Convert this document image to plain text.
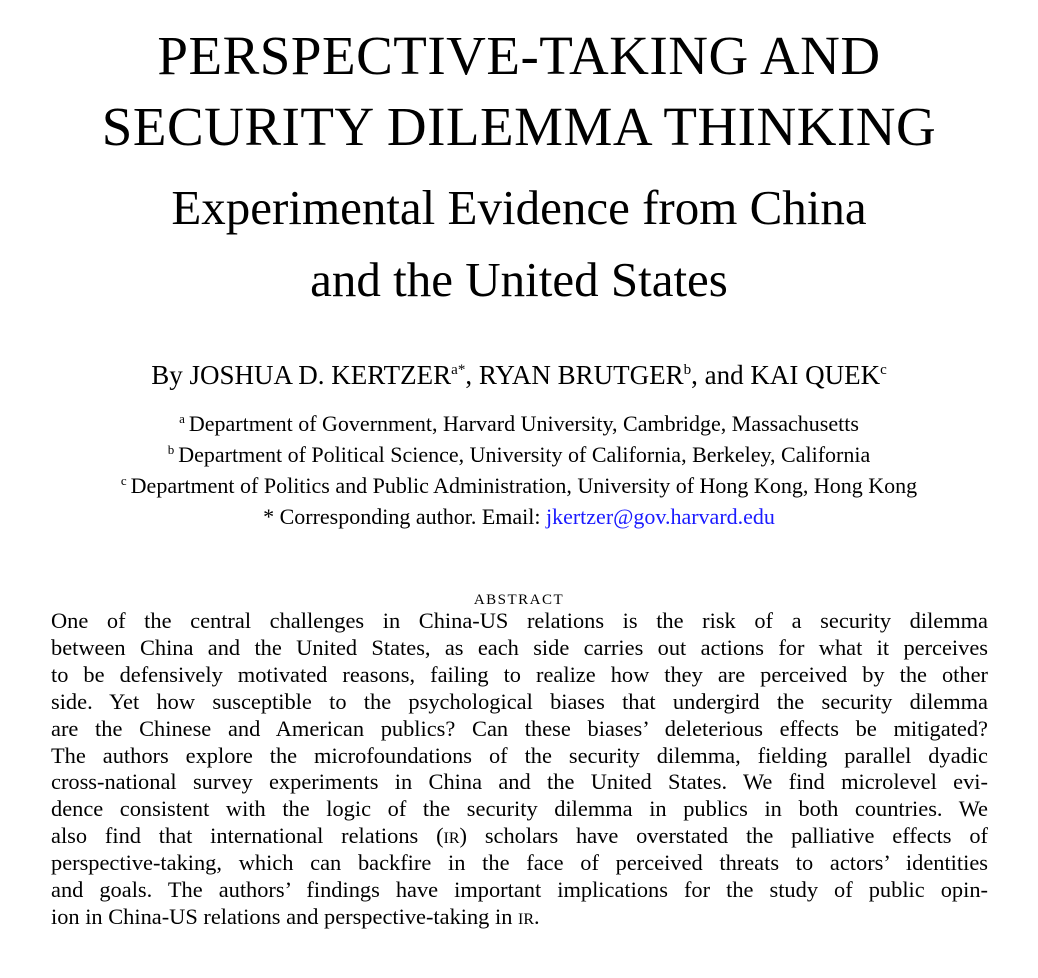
PERSPECTIVE-TAKING AND
SECURITY DILEMMA THINKING
Experimental Evidence from China
and the United States
By JOSHUA D. $KERTZER^{a*}$, RYAN BRUTGER$^b$, and KAI QUEK$^c$
$^a$ Department of Government, Harvard University, Cambridge, Massachusetts
$^b$ Department of Political Science, University of California, Berkeley, California
$^c$ Department of Politics and Public Administration, University of Hong Kong, Hong Kong
* Corresponding author. Email: jkertzer@gov.harvard.edu
abstract
One of the central challenges in China-US relations is the risk of a security dilemma
between China and the United States, as each side carries out actions for what it perceives
to be defensively motivated reasons, failing to realize how they are perceived by the other
side. Yet how susceptible to the psychological biases that undergird the security dilemma
are the Chinese and American publics? Can these biases’ deleterious effects be mitigated?
The authors explore the microfoundations of the security dilemma, fielding parallel dyadic
cross-national survey experiments in China and the United States. We find microlevel evi-
dence consistent with the logic of the security dilemma in publics in both countries. We
also find that international relations (ir) scholars have overstated the palliative effects of
perspective-taking, which can backfire in the face of perceived threats to actors’ identities
and goals. The authors’ findings have important implications for the study of public opin-
ion in China-US relations and perspective-taking in ir.
